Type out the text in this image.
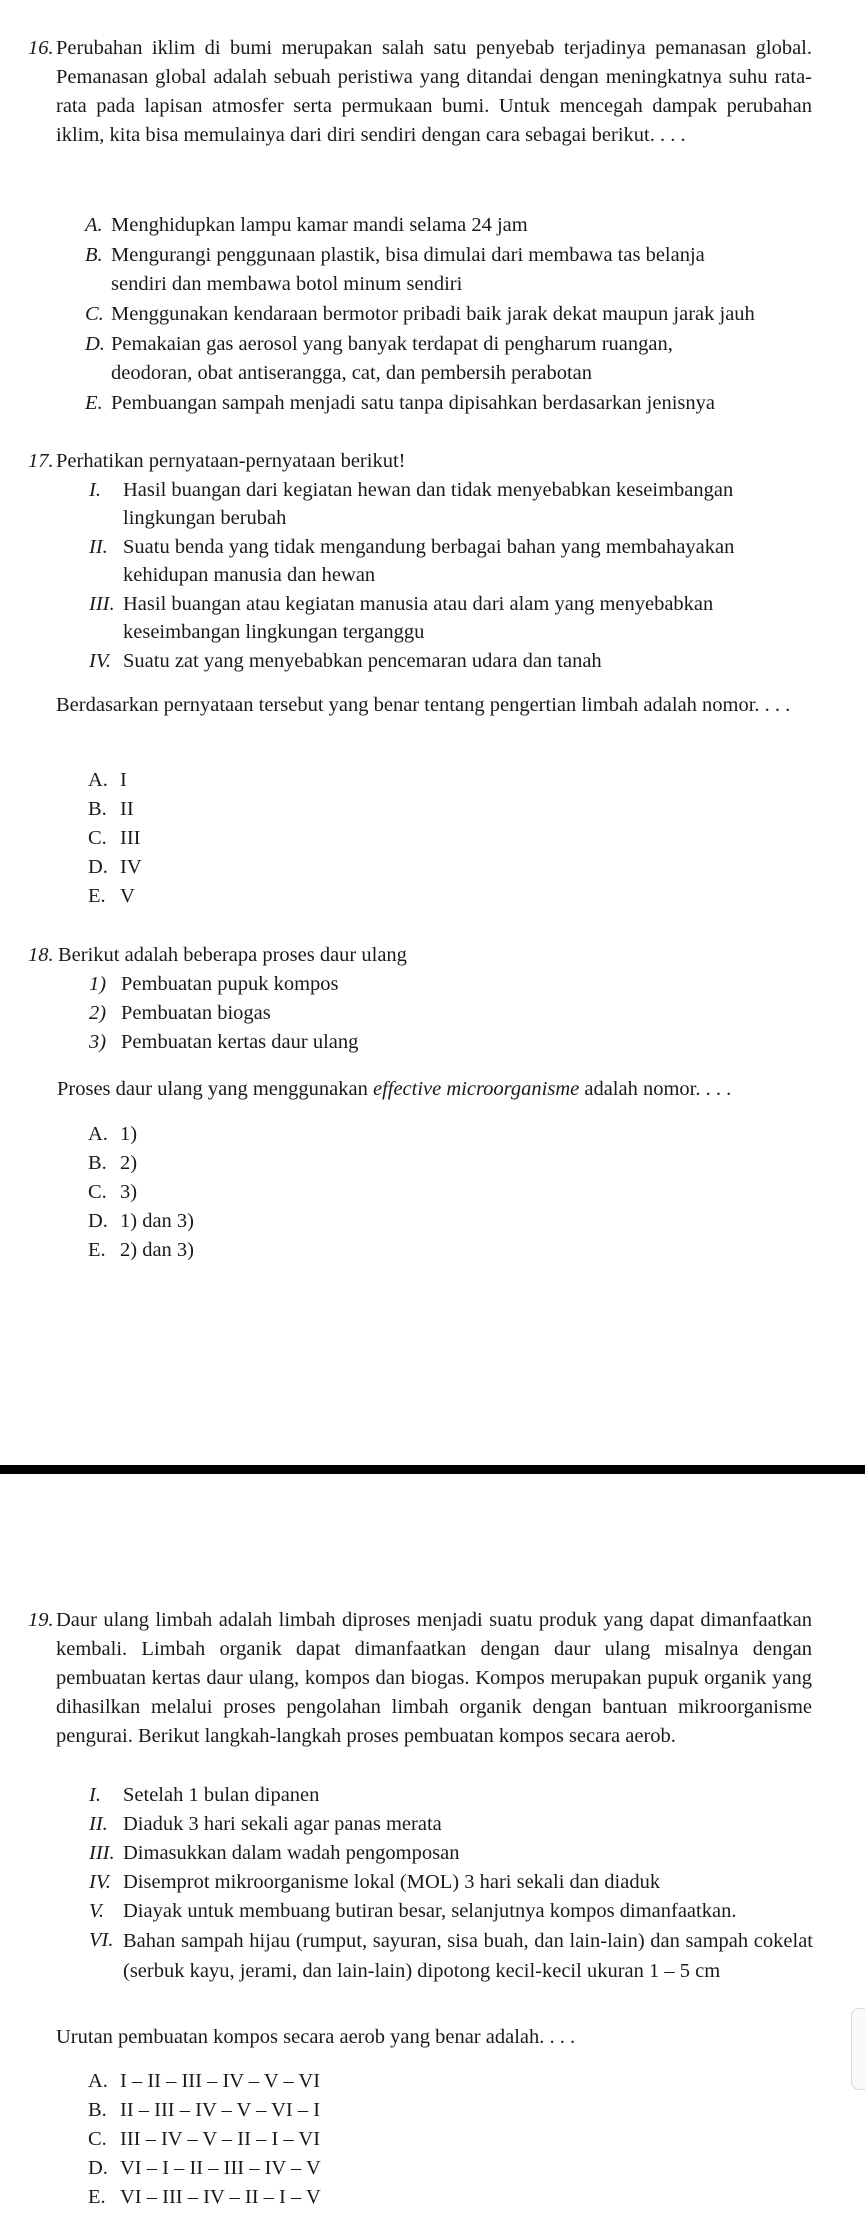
16. Perubahan iklim di bumi merupakan salah satu penyebab terjadinya pemanasan global. Pemanasan global adalah sebuah peristiwa yang ditandai dengan meningkatnya suhu rata-rata pada lapisan atmosfer serta permukaan bumi. Untuk mencegah dampak perubahan iklim, kita bisa memulainya dari diri sendiri dengan cara sebagai berikut. . . .
A. Menghidupkan lampu kamar mandi selama 24 jam
B. Mengurangi penggunaan plastik, bisa dimulai dari membawa tas belanja sendiri dan membawa botol minum sendiri
C. Menggunakan kendaraan bermotor pribadi baik jarak dekat maupun jarak jauh
D. Pemakaian gas aerosol yang banyak terdapat di pengharum ruangan, deodoran, obat antiserangga, cat, dan pembersih perabotan
E. Pembuangan sampah menjadi satu tanpa dipisahkan berdasarkan jenisnya
17. Perhatikan pernyataan-pernyataan berikut!
I. Hasil buangan dari kegiatan hewan dan tidak menyebabkan keseimbangan lingkungan berubah
II. Suatu benda yang tidak mengandung berbagai bahan yang membahayakan kehidupan manusia dan hewan
III. Hasil buangan atau kegiatan manusia atau dari alam yang menyebabkan keseimbangan lingkungan terganggu
IV. Suatu zat yang menyebabkan pencemaran udara dan tanah
Berdasarkan pernyataan tersebut yang benar tentang pengertian limbah adalah nomor. . . .
A. I
B. II
C. III
D. IV
E. V
18. Berikut adalah beberapa proses daur ulang
1) Pembuatan pupuk kompos
2) Pembuatan biogas
3) Pembuatan kertas daur ulang
Proses daur ulang yang menggunakan effective microorganisme adalah nomor. . . .
A. 1)
B. 2)
C. 3)
D. 1) dan 3)
E. 2) dan 3)
19. Daur ulang limbah adalah limbah diproses menjadi suatu produk yang dapat dimanfaatkan kembali. Limbah organik dapat dimanfaatkan dengan daur ulang misalnya dengan pembuatan kertas daur ulang, kompos dan biogas. Kompos merupakan pupuk organik yang dihasilkan melalui proses pengolahan limbah organik dengan bantuan mikroorganisme pengurai. Berikut langkah-langkah proses pembuatan kompos secara aerob.
I. Setelah 1 bulan dipanen
II. Diaduk 3 hari sekali agar panas merata
III. Dimasukkan dalam wadah pengomposan
IV. Disemprot mikroorganisme lokal (MOL) 3 hari sekali dan diaduk
V. Diayak untuk membuang butiran besar, selanjutnya kompos dimanfaatkan.
VI. Bahan sampah hijau (rumput, sayuran, sisa buah, dan lain-lain) dan sampah cokelat (serbuk kayu, jerami, dan lain-lain) dipotong kecil-kecil ukuran 1 – 5 cm
Urutan pembuatan kompos secara aerob yang benar adalah. . . .
A. I – II – III – IV – V – VI
B. II – III – IV – V – VI – I
C. III – IV – V – II – I – VI
D. VI – I – II – III – IV – V
E. VI – III – IV – II – I – V
